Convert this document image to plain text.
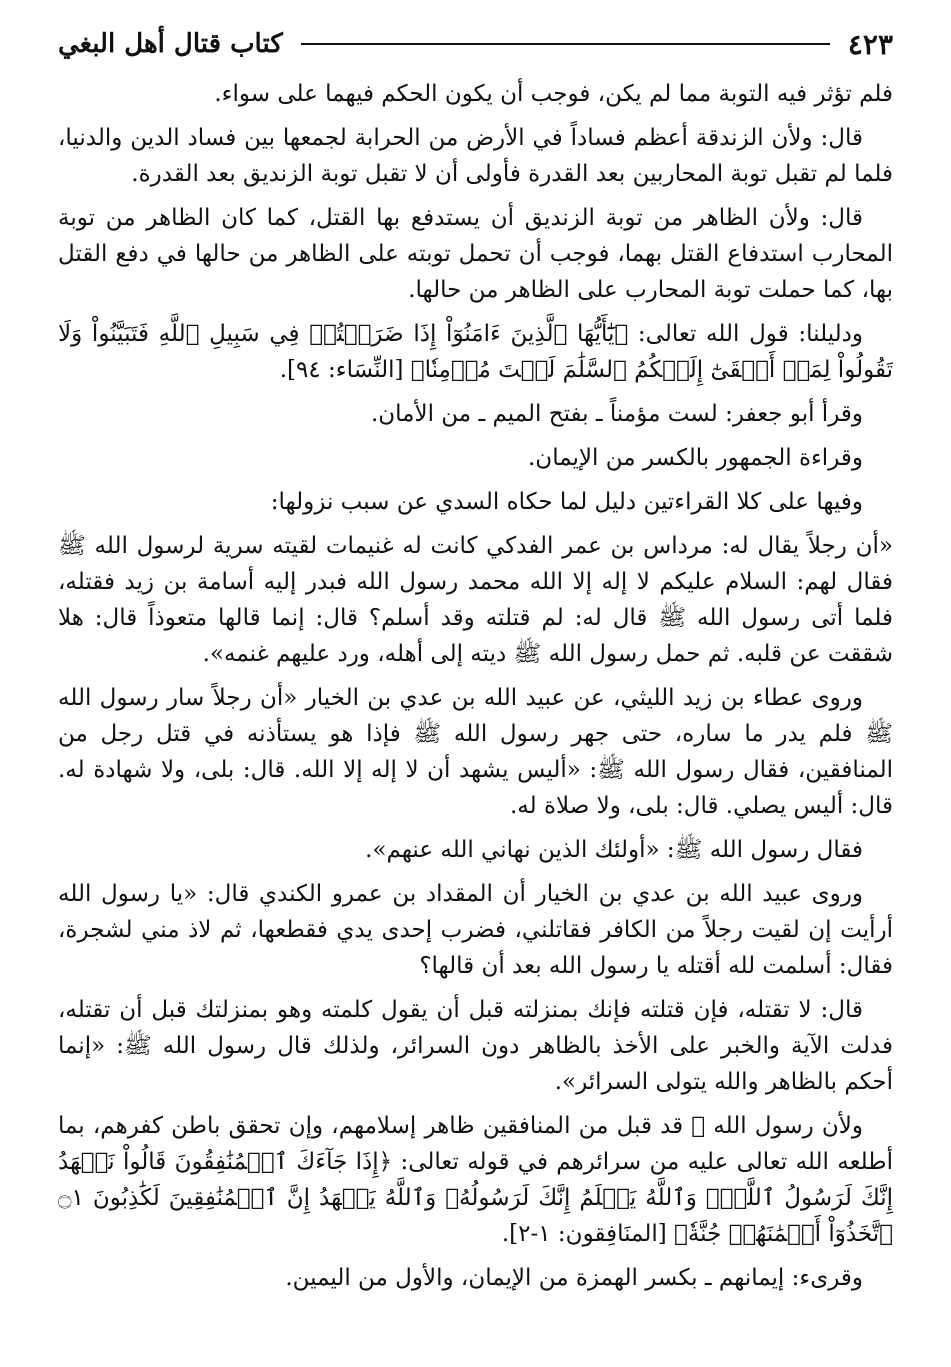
٤٢٣
كتاب قتال أهل البغي

فلم تؤثر فيه التوبة مما لم يكن، فوجب أن يكون الحكم فيهما على سواء.

قال: ولأن الزندقة أعظم فساداً في الأرض من الحرابة لجمعها بين فساد الدين والدنيا، فلما لم تقبل توبة المحاربين بعد القدرة فأولى أن لا تقبل توبة الزنديق بعد القدرة.

قال: ولأن الظاهر من توبة الزنديق أن يستدفع بها القتل، كما كان الظاهر من توبة المحارب استدفاع القتل بهما، فوجب أن تحمل توبته على الظاهر من حالها في دفع القتل بها، كما حملت توبة المحارب على الظاهر من حالها.

ودليلنا: قول الله تعالى: ﴿يَٰٓأَيُّهَا ٱلَّذِينَ ءَامَنُوٓاْ إِذَا ضَرَبۡتُمۡ فِي سَبِيلِ ٱللَّهِ فَتَبَيَّنُواْ وَلَا تَقُولُواْ لِمَنۡ أَلۡقَىٰٓ إِلَيۡكُمُ ٱلسَّلَٰمَ لَسۡتَ مُؤۡمِنٗا﴾ [النِّسَاء: ٩٤].

وقرأ أبو جعفر: لست مؤمناً ـ بفتح الميم ـ من الأمان.

وقراءة الجمهور بالكسر من الإيمان.

وفيها على كلا القراءتين دليل لما حكاه السدي عن سبب نزولها:

«أن رجلاً يقال له: مرداس بن عمر الفدكي كانت له غنيمات لقيته سرية لرسول الله ﷺ فقال لهم: السلام عليكم لا إله إلا الله محمد رسول الله فبدر إليه أسامة بن زيد فقتله، فلما أتى رسول الله ﷺ قال له: لم قتلته وقد أسلم؟ قال: إنما قالها متعوذاً قال: هلا شققت عن قلبه. ثم حمل رسول الله ﷺ ديته إلى أهله، ورد عليهم غنمه».

وروى عطاء بن زيد الليثي، عن عبيد الله بن عدي بن الخيار «أن رجلاً سار رسول الله ﷺ فلم يدر ما ساره، حتى جهر رسول الله ﷺ فإذا هو يستأذنه في قتل رجل من المنافقين، فقال رسول الله ﷺ: «أليس يشهد أن لا إله إلا الله. قال: بلى، ولا شهادة له. قال: أليس يصلي. قال: بلى، ولا صلاة له.

فقال رسول الله ﷺ: «أولئك الذين نهاني الله عنهم».

وروى عبيد الله بن عدي بن الخيار أن المقداد بن عمرو الكندي قال: «يا رسول الله أرأيت إن لقيت رجلاً من الكافر فقاتلني، فضرب إحدى يدي فقطعها، ثم لاذ مني لشجرة، فقال: أسلمت لله أقتله يا رسول الله بعد أن قالها؟

قال: لا تقتله، فإن قتلته فإنك بمنزلته قبل أن يقول كلمته وهو بمنزلتك قبل أن تقتله، فدلت الآية والخبر على الأخذ بالظاهر دون السرائر، ولذلك قال رسول الله ﷺ: «إنما أحكم بالظاهر والله يتولى السرائر».

ولأن رسول الله ﷺ قد قبل من المنافقين ظاهر إسلامهم، وإن تحقق باطن كفرهم، بما أطلعه الله تعالى عليه من سرائرهم في قوله تعالى: ﴿إِذَا جَآءَكَ ٱلۡمُنَٰفِقُونَ قَالُواْ نَشۡهَدُ إِنَّكَ لَرَسُولُ ٱللَّهِۗ وَٱللَّهُ يَعۡلَمُ إِنَّكَ لَرَسُولُهُۥ وَٱللَّهُ يَشۡهَدُ إِنَّ ٱلۡمُنَٰفِقِينَ لَكَٰذِبُونَ ۝١ ٱتَّخَذُوٓاْ أَيۡمَٰنَهُمۡ جُنَّةٗ﴾ [المنَافِقون: ١-٢].

وقرىء: إيمانهم ـ بكسر الهمزة من الإيمان، والأول من اليمين.
